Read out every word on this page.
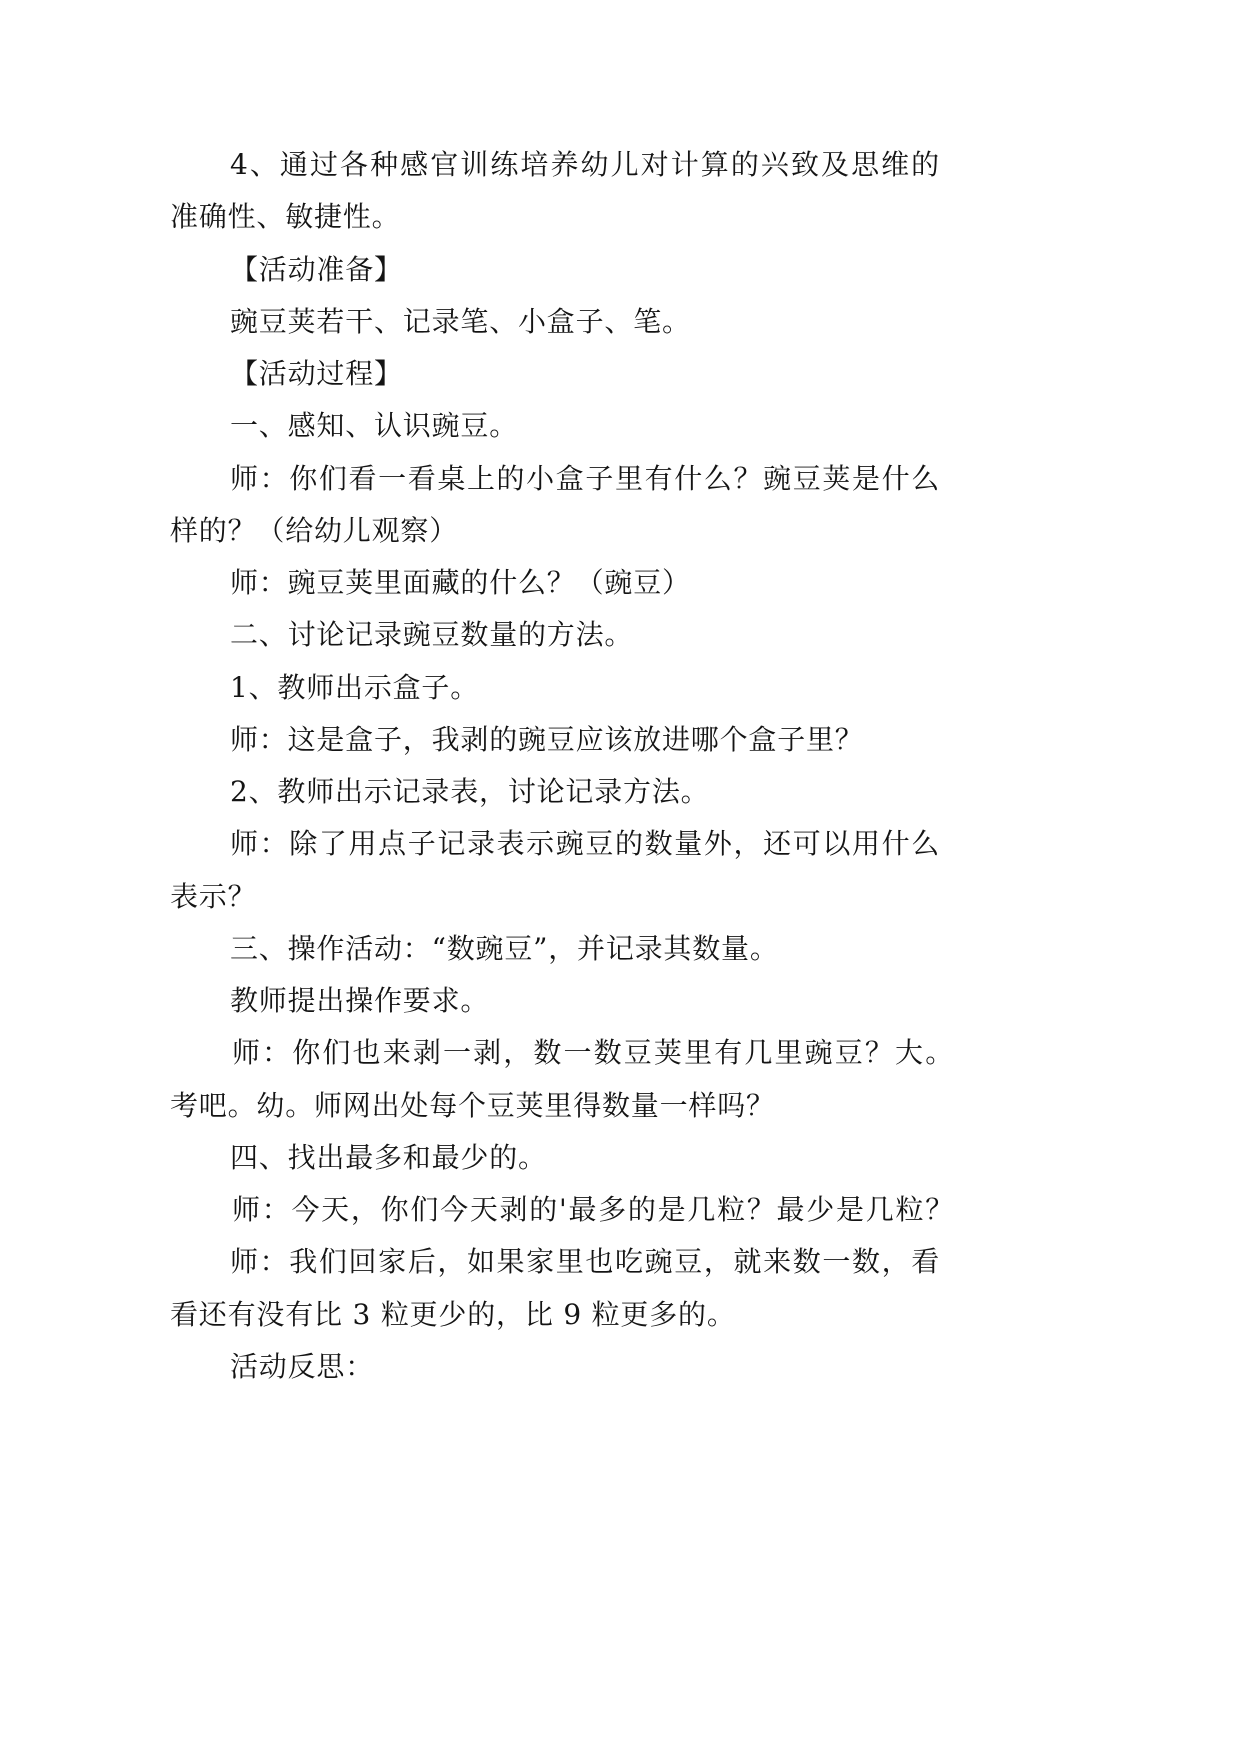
4、通过各种感官训练培养幼儿对计算的兴致及思维的
准确性、敏捷性。
【活动准备】
豌豆荚若干、记录笔、小盒子、笔。
【活动过程】
一、感知、认识豌豆。
师：你们看一看桌上的小盒子里有什么？豌豆荚是什么
样的？（给幼儿观察）
师：豌豆荚里面藏的什么？（豌豆）
二、讨论记录豌豆数量的方法。
1、教师出示盒子。
师：这是盒子，我剥的豌豆应该放进哪个盒子里？
2、教师出示记录表，讨论记录方法。
师：除了用点子记录表示豌豆的数量外，还可以用什么
表示？
三、操作活动：“数豌豆”，并记录其数量。
教师提出操作要求。
师：你们也来剥一剥，数一数豆荚里有几里豌豆？大。
考吧。幼。师网出处每个豆荚里得数量一样吗？
四、找出最多和最少的。
师：今天，你们今天剥的'最多的是几粒？最少是几粒？
师：我们回家后，如果家里也吃豌豆，就来数一数，看
看还有没有比 3 粒更少的，比 9 粒更多的。
活动反思：
